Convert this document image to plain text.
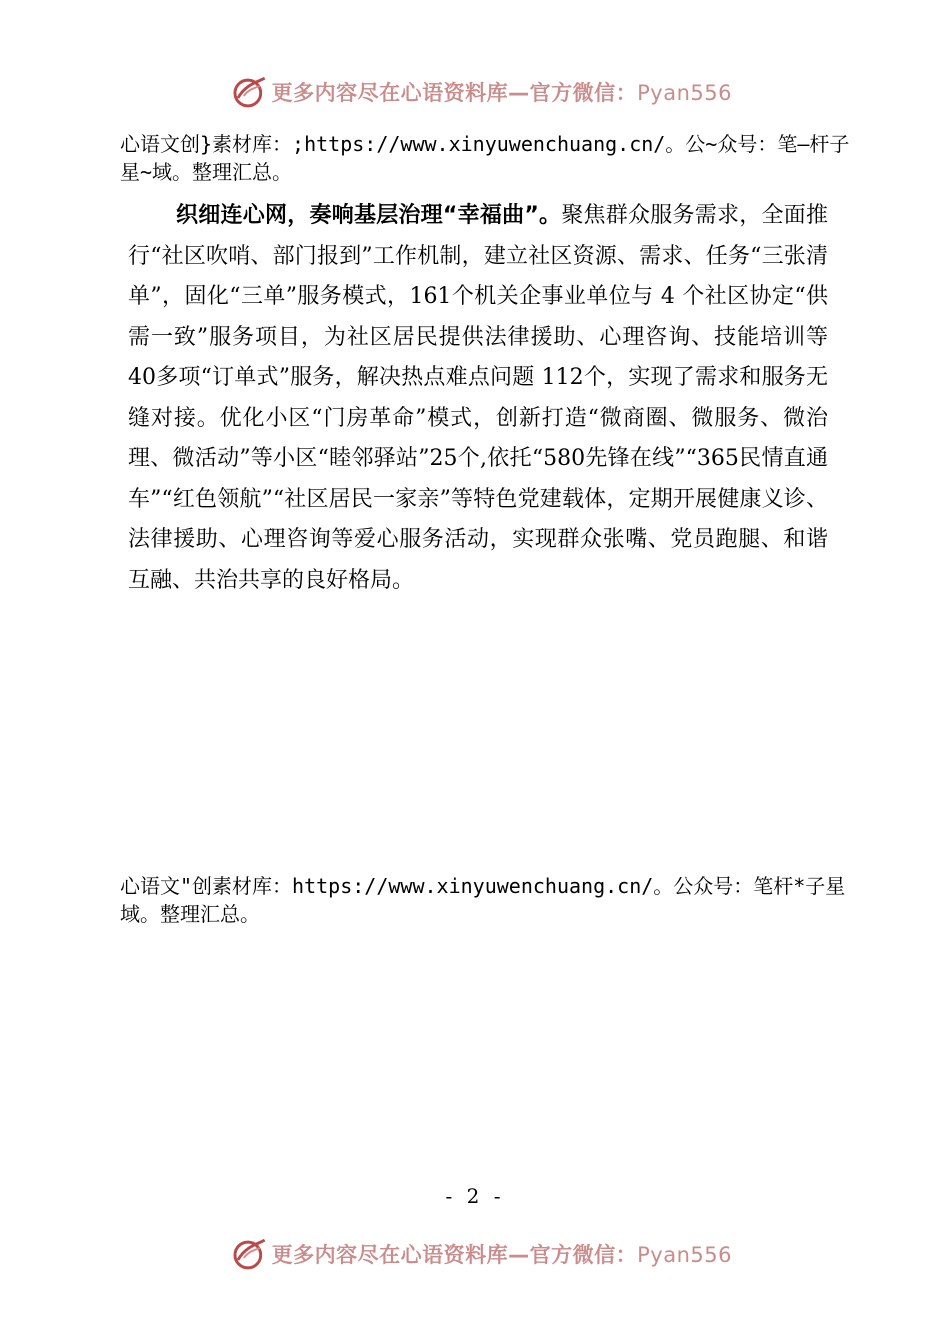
更多内容尽在心语资料库—官方微信：Pyan556
心语文创}素材库：;https://www.xinyuwenchuang.cn/。公~众号：笔—杆子星~域。整理汇总。
织细连心网，奏响基层治理“幸福曲”。聚焦群众服务需求，全面推行“社区吹哨、部门报到”工作机制，建立社区资源、需求、任务“三张清单”，固化“三单”服务模式，161个机关企事业单位与 4 个社区协定“供需一致”服务项目，为社区居民提供法律援助、心理咨询、技能培训等 40多项“订单式”服务，解决热点难点问题 112个，实现了需求和服务无缝对接。优化小区“门房革命”模式，创新打造“微商圈、微服务、微治理、微活动”等小区“睦邻驿站”25个,依托“580先锋在线”“365民情直通车”“红色领航”“社区居民一家亲”等特色党建载体，定期开展健康义诊、法律援助、心理咨询等爱心服务活动，实现群众张嘴、党员跑腿、和谐互融、共治共享的良好格局。
心语文"创素材库：https://www.xinyuwenchuang.cn/。公众号：笔杆*子星域。整理汇总。
- 2 -
更多内容尽在心语资料库—官方微信：Pyan556
